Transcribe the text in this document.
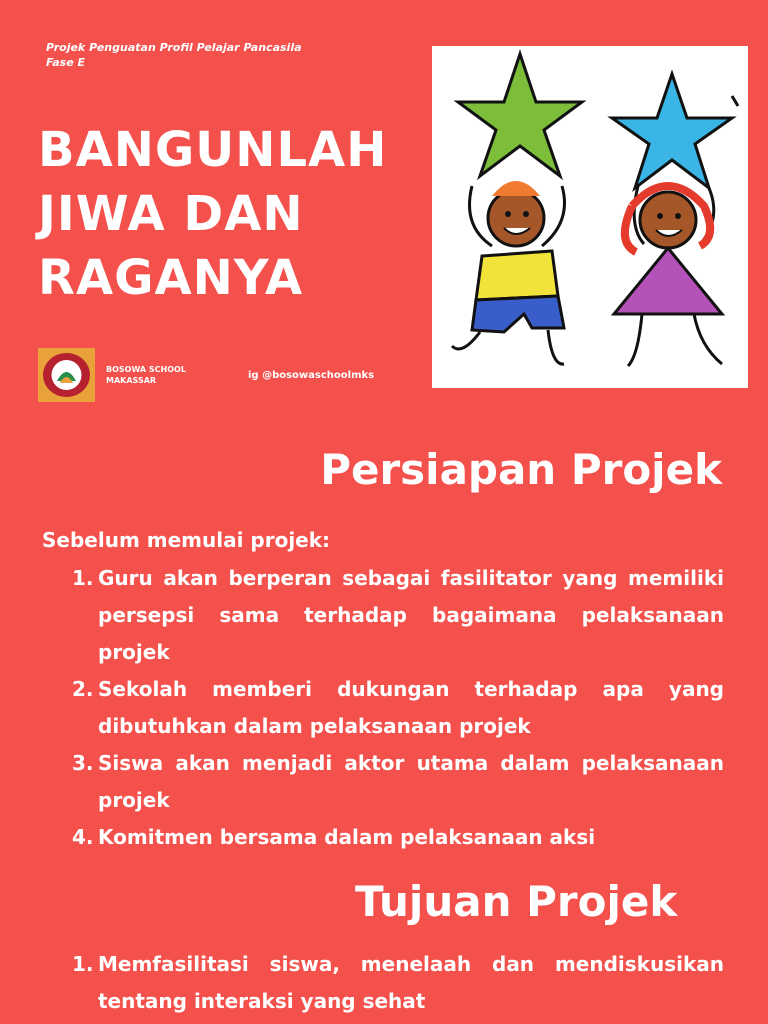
Projek Penguatan Profil Pelajar Pancasila
Fase E
BANGUNLAH
JIWA DAN
RAGANYA
BOSOWA SCHOOL
MAKASSAR	ig @bosowaschoolmks
Persiapan Projek
Sebelum memulai projek:
1. Guru akan berperan sebagai fasilitator yang memiliki persepsi sama terhadap bagaimana pelaksanaan projek
2. Sekolah memberi dukungan terhadap apa yang dibutuhkan dalam pelaksanaan projek
3. Siswa akan menjadi aktor utama dalam pelaksanaan projek
4. Komitmen bersama dalam pelaksanaan aksi
Tujuan Projek
1. Memfasilitasi siswa, menelaah dan mendiskusikan tentang interaksi yang sehat
